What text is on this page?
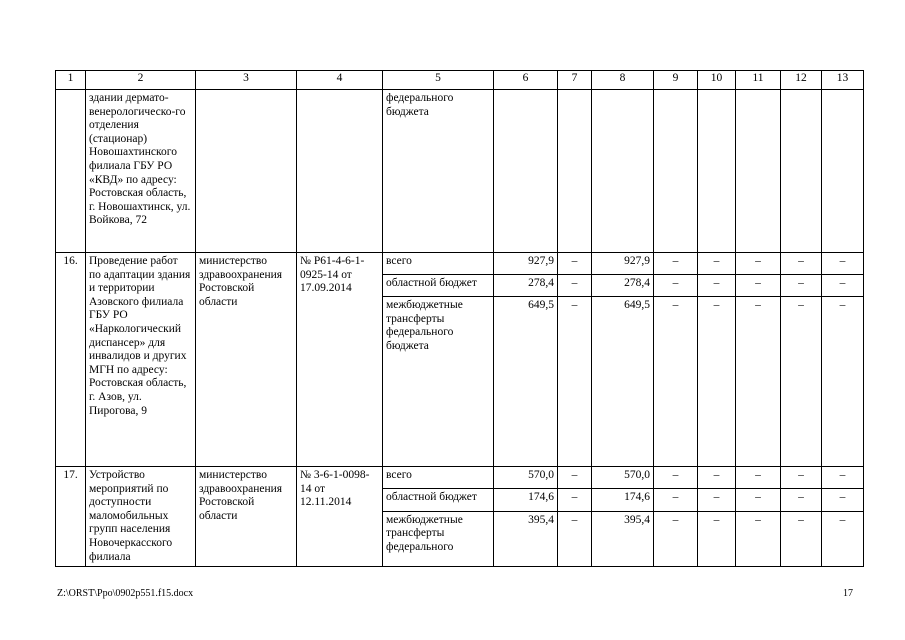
1	2	3	4	5	6	7	8	9	10	11	12	13
	здании дермато-венерологическо-го отделения (стационар) Новошахтинского филиала ГБУ РО «КВД» по адресу: Ростовская область, г. Новошахтинск, ул. Войкова, 72			федерального бюджета								
16.	Проведение работ по адаптации здания и территории Азовского филиала ГБУ РО «Наркологический диспансер» для инвалидов и других МГН по адресу: Ростовская область, г. Азов, ул. Пирогова, 9	министерство здравоохранения Ростовской области	№ Р61-4-6-1-0925-14 от 17.09.2014	всего	927,9	–	927,9	–	–	–	–	–
				областной бюджет	278,4	–	278,4	–	–	–	–	–
				межбюджетные трансферты федерального бюджета	649,5	–	649,5	–	–	–	–	–
17.	Устройство мероприятий по доступности маломобильных групп населения Новочеркасского филиала	министерство здравоохранения Ростовской области	№ 3-6-1-0098-14 от 12.11.2014	всего	570,0	–	570,0	–	–	–	–	–
				областной бюджет	174,6	–	174,6	–	–	–	–	–
				межбюджетные трансферты федерального	395,4	–	395,4	–	–	–	–	–
Z:\ORST\Ppo\0902p551.f15.docx	17
